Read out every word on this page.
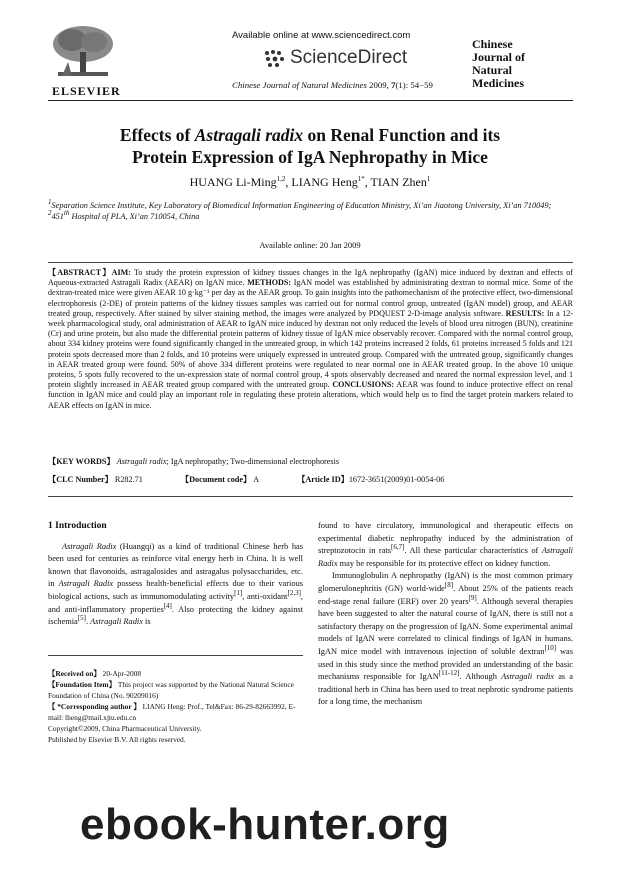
ELSEVIER
Available online at www.sciencedirect.com
ScienceDirect
Chinese Journal of Natural Medicines 2009, 7(1): 54−59
Chinese
Journal of
Natural
Medicines
Effects of Astragali radix on Renal Function and its
Protein Expression of IgA Nephropathy in Mice
HUANG Li-Ming$^{1,2}$, LIANG Heng$^{1*}$, TIAN Zhen$^1$
$^1$Separation Science Institute, Key Laboratory of Biomedical Information Engineering of Education Ministry, Xi’an Jiaotong University, Xi’an 710049;
$^2$451th Hospital of PLA, Xi’an 710054, China
Available online: 20 Jan 2009
【ABSTRACT】AIM: To study the protein expression of kidney tissues changes in the IgA nephropathy (IgAN) mice induced by dextran and effects of Aqueous-extracted Astragali Radix (AEAR) on IgAN mice. METHODS: IgAN model was established by administrating dextran to normal mice. Some of the dextran-treated mice were given AEAR 10 g·kg⁻¹ per day as the AEAR group. To gain insights into the pathomechanism of the protective effect, two-dimensional electrophoresis (2-DE) of protein patterns of the kidney tissues samples was carried out for normal control group, untreated (IgAN model) group, and AEAR treated group, respectively. After stained by silver staining method, the images were analyzed by PDQUEST 2-D-image analysis software. RESULTS: In a 12-week pharmacological study, oral administration of AEAR to IgAN mice induced by dextran not only reduced the levels of blood urea nitrogen (BUN), creatinine (Cr) and urine protein, but also made the differential protein patterns of kidney tissue of IgAN mice observably recover. Compared with the normal control group, about 334 kidney proteins were found significantly changed in the untreated group, in which 142 proteins increased 2 folds, 61 proteins increased 5 folds and 121 protein spots decreased more than 2 folds, and 10 proteins were uniquely expressed in untreated group. Compared with the untreated group, significantly changes in AEAR treated group were found. 50% of above 334 different proteins were regulated to near normal one in AEAR treated group. In the above 10 unique proteins, 5 spots fully recovered to the un-expression state of normal control group, 4 spots observably decreased and neared the normal expression level, and 1 protein slightly increased in AEAR treated group compared with the untreated group. CONCLUSIONS: AEAR was found to induce protective effect on renal function in IgAN mice and could play an important role in regulating these protein alterations, which would help us to find the target protein markers related to AEAR effects on IgAN in mice.
【KEY WORDS】 Astragali radix; IgA nephropathy; Two-dimensional electrophoresis
【CLC Number】 R282.71	【Document code】 A	【Article ID】1672-3651(2009)01-0054-06
1 Introduction

Astragali Radix (Huangqi) as a kind of traditional Chinese herb has been used for centuries as reinforce vital energy herb in China. It is well known that flavonoids, astragalosides and astragalus polysaccharides, etc. in Astragali Radix possess health-beneficial effects due to their various biological actions, such as immunomodulating activity[1], anti-oxidant[2,3], and anti-inflammatory properties[4]. Also protecting the kidney against ischemia[5]. Astragali Radix is

【Received on】 20-Apr-2008
【Foundation Item】 This project was supported by the National Natural Science Foundation of China (No. 90209016)
【 *Corresponding author 】 LIANG Heng: Prof., Tel&Fax: 86-29-82663992, E-mail: lheng@mail.xjtu.edu.cn
Copyright©2009, China Pharmaceutical University.
Published by Elsevier B.V. All rights reserved.

found to have circulatory, immunological and therapeutic effects on experimental diabetic nephropathy induced by the administration of streptozotocin in rats[6,7]. All these particular characteristics of Astragali Radix may be responsible for its protective effect on kidney function.

Immunoglobulin A nephropathy (IgAN) is the most common primary glomerulonephritis (GN) world-wide[8]. About 25% of the patients reach end-stage renal failure (ERF) over 20 years[9]. Although several therapies have been suggested to alter the natural course of IgAN, there is still not a satisfactory therapy on the progression of IgAN. Some experimental animal models of IgAN were correlated to clinical findings of IgAN in humans. IgAN mice model with intravenous injection of soluble dextran[10] was used in this study since the method provided an understanding of the basic mechanisms responsible for IgAN[11-12]. Although Astragali radix as a traditional herb in China has been used to treat nephrotic syndrome patients for a long time, the mechanism

ebook-hunter.org
